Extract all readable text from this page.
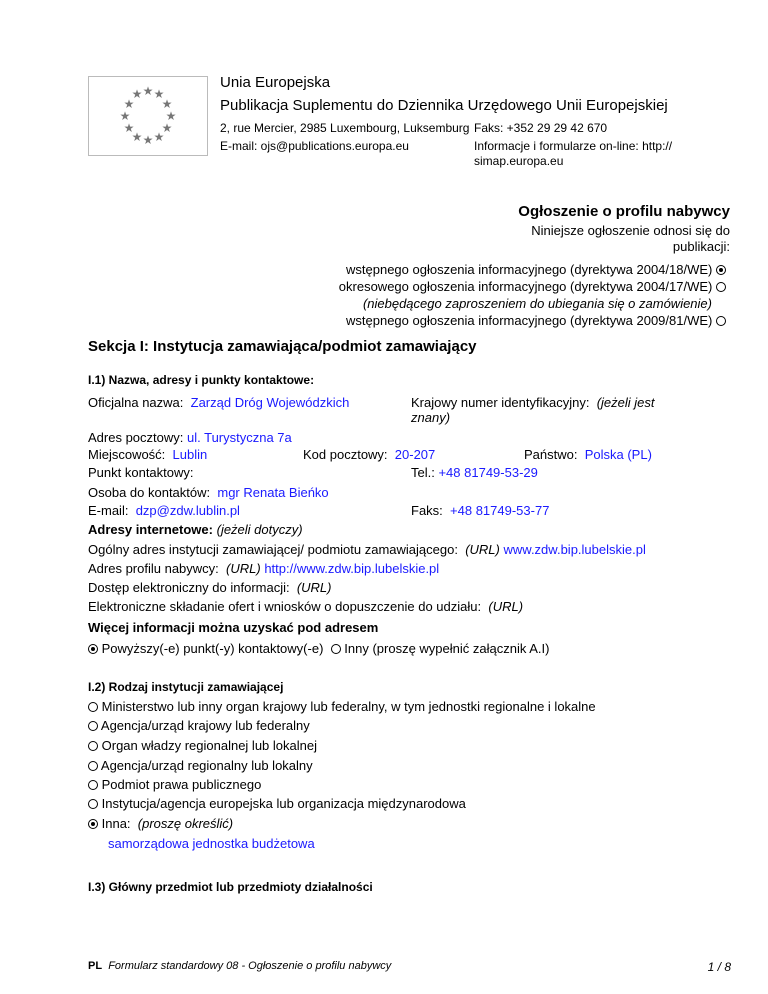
★ ★
★
★
★
★
★
★
★
★
★
★
Unia Europejska
Publikacja Suplementu do Dziennika Urzędowego Unii Europejskiej
2, rue Mercier, 2985 Luxembourg, Luksemburg Faks: +352 29 29 42 670
E-mail: ojs@publications.europa.eu	Informacje i formularze on-line: http://
simap.europa.eu
Ogłoszenie o profilu nabywcy
Niniejsze ogłoszenie odnosi się do
publikacji:
wstępnego ogłoszenia informacyjnego (dyrektywa 2004/18/WE)
okresowego ogłoszenia informacyjnego (dyrektywa 2004/17/WE)
(niebędącego zaproszeniem do ubiegania się o zamówienie)
wstępnego ogłoszenia informacyjnego (dyrektywa 2009/81/WE)
Sekcja I: Instytucja zamawiająca/podmiot zamawiający
I.1) Nazwa, adresy i punkty kontaktowe:
Oficjalna nazwa: Zarząd Dróg Wojewódzkich	Krajowy numer identyfikacyjny: (jeżeli jest
znany)
Adres pocztowy: ul. Turystyczna 7a
Miejscowość: Lublin	Kod pocztowy: 20-207	Państwo: Polska (PL)
Punkt kontaktowy:	Tel.: +48 81749-53-29
Osoba do kontaktów: mgr Renata Bieńko
E-mail: dzp@zdw.lublin.pl	Faks: +48 81749-53-77
Adresy internetowe: (jeżeli dotyczy)
Ogólny adres instytucji zamawiającej/ podmiotu zamawiającego: (URL) www.zdw.bip.lubelskie.pl
Adres profilu nabywcy: (URL) http://www.zdw.bip.lubelskie.pl
Dostęp elektroniczny do informacji: (URL)
Elektroniczne składanie ofert i wniosków o dopuszczenie do udziału: (URL)
Więcej informacji można uzyskać pod adresem
Powyższy(-e) punkt(-y) kontaktowy(-e) Inny (proszę wypełnić załącznik A.I)
I.2) Rodzaj instytucji zamawiającej
Ministerstwo lub inny organ krajowy lub federalny, w tym jednostki regionalne i lokalne
Agencja/urząd krajowy lub federalny
Organ władzy regionalnej lub lokalnej
Agencja/urząd regionalny lub lokalny
Podmiot prawa publicznego
Instytucja/agencja europejska lub organizacja międzynarodowa
Inna: (proszę określić)
samorządowa jednostka budżetowa
I.3) Główny przedmiot lub przedmioty działalności
PL Formularz standardowy 08 - Ogłoszenie o profilu nabywcy	1 / 8
